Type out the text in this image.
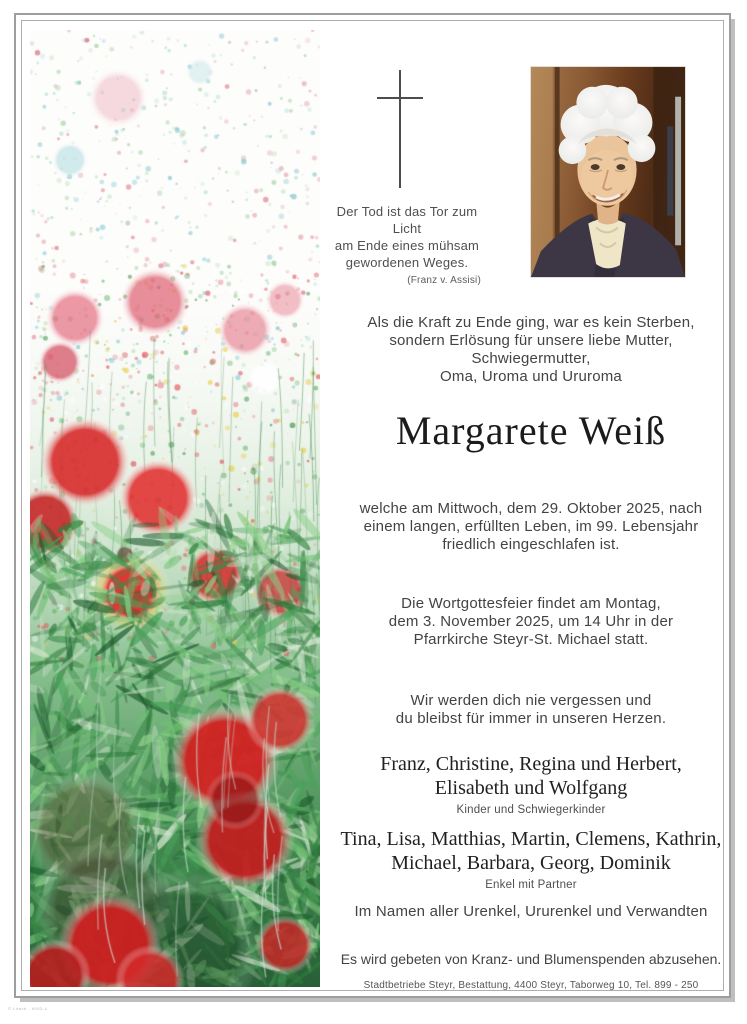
Der Tod ist das Tor zum Licht
am Ende eines mühsam
gewordenen Weges.
(Franz v. Assisi)
Als die Kraft zu Ende ging, war es kein Sterben,
sondern Erlösung für unsere liebe Mutter, Schwiegermutter,
Oma, Uroma und Ururoma
Margarete Weiß
welche am Mittwoch, dem 29. Oktober 2025, nach
einem langen, erfüllten Leben, im 99. Lebensjahr
friedlich eingeschlafen ist.
Die Wortgottesfeier findet am Montag,
dem 3. November 2025, um 14 Uhr in der
Pfarrkirche Steyr-St. Michael statt.
Wir werden dich nie vergessen und
du bleibst für immer in unseren Herzen.
Franz, Christine, Regina und Herbert,
Elisabeth und Wolfgang
Kinder und Schwiegerkinder
Tina, Lisa, Matthias, Martin, Clemens, Kathrin,
Michael, Barbara, Georg, Dominik
Enkel mit Partner
Im Namen aller Urenkel, Ururenkel und Verwandten
Es wird gebeten von Kranz- und Blumenspenden abzusehen.
Stadtbetriebe Steyr, Bestattung, 4400 Steyr, Taborweg 10, Tel. 899 - 250
© Litech - 9003-4
